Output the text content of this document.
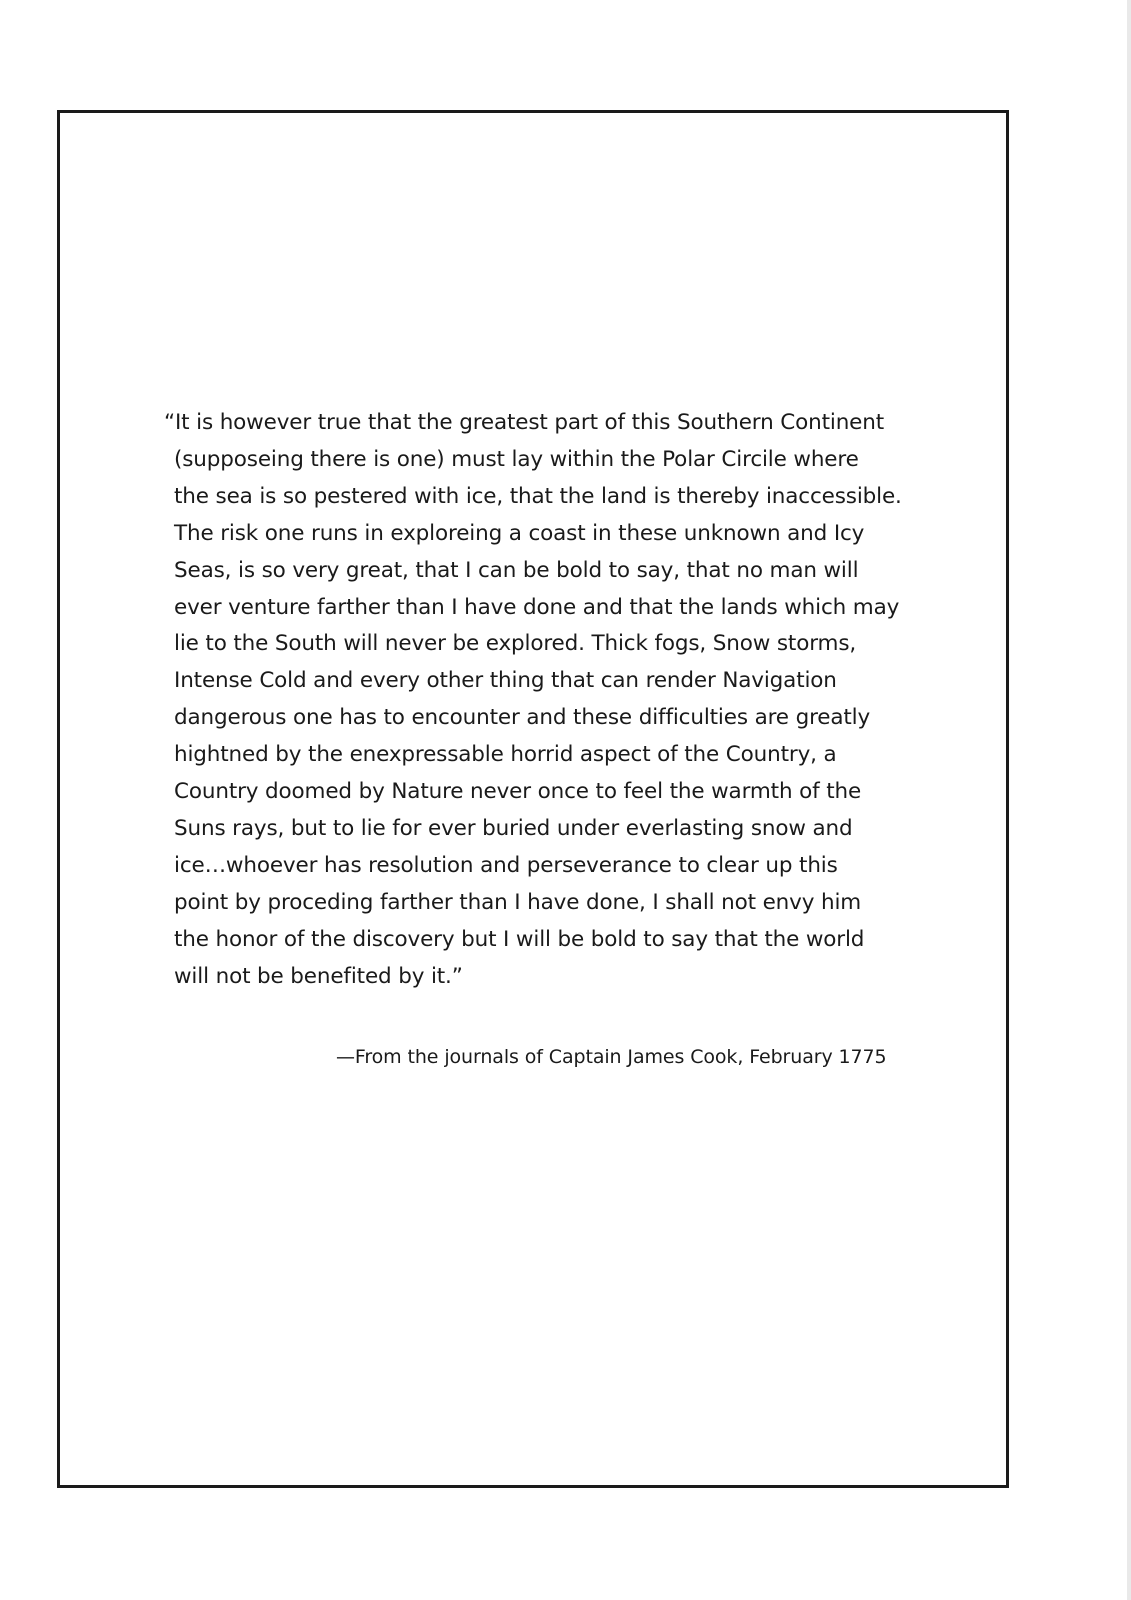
“It is however true that the greatest part of this Southern Continent
(supposeing there is one) must lay within the Polar Circile where
the sea is so pestered with ice, that the land is thereby inaccessible.
The risk one runs in exploreing a coast in these unknown and Icy
Seas, is so very great, that I can be bold to say, that no man will
ever venture farther than I have done and that the lands which may
lie to the South will never be explored. Thick fogs, Snow storms,
Intense Cold and every other thing that can render Navigation
dangerous one has to encounter and these difficulties are greatly
hightned by the enexpressable horrid aspect of the Country, a
Country doomed by Nature never once to feel the warmth of the
Suns rays, but to lie for ever buried under everlasting snow and
ice…whoever has resolution and perseverance to clear up this
point by proceding farther than I have done, I shall not envy him
the honor of the discovery but I will be bold to say that the world
will not be benefited by it.”
—From the journals of Captain James Cook, February 1775
